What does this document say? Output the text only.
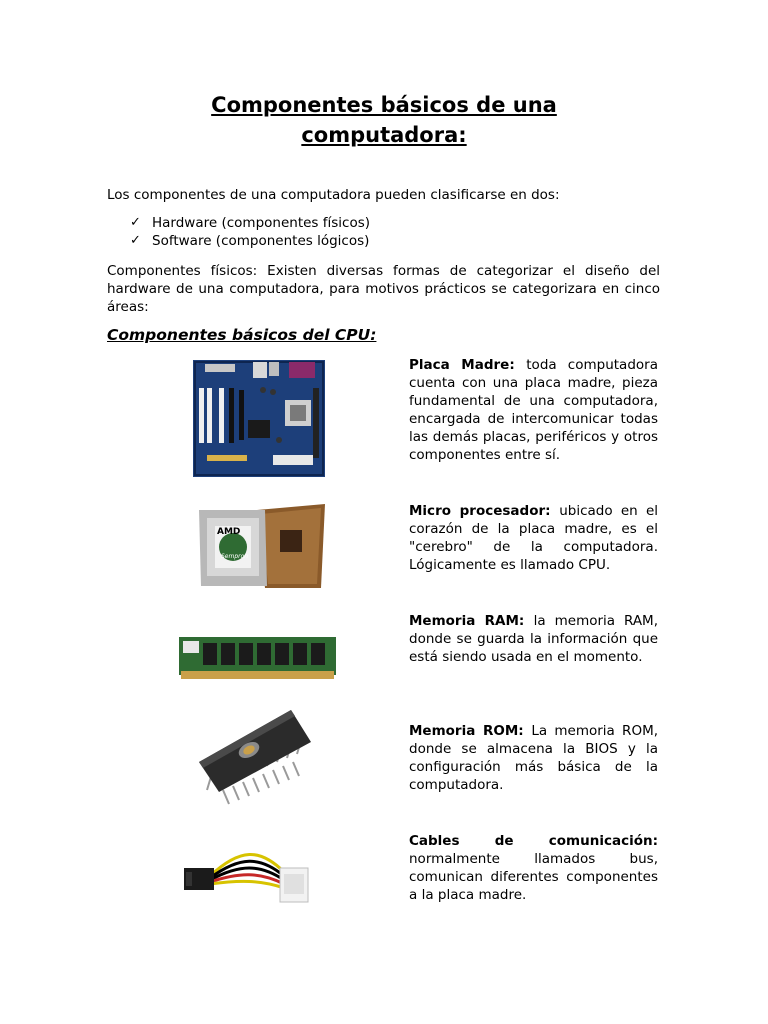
Componentes básicos de una
computadora:
Los componentes de una computadora pueden clasificarse en dos:
✓ Hardware (componentes físicos)
✓ Software (componentes lógicos)
Componentes físicos: Existen diversas formas de categorizar el diseño del hardware de una computadora, para motivos prácticos se categorizara en cinco áreas:
Componentes básicos del CPU:
Placa Madre: toda computadora cuenta con una placa madre, pieza fundamental de una computadora, encargada de intercomunicar todas las demás placas, periféricos y otros componentes entre sí.
AMD
Sempron
Micro procesador: ubicado en el corazón de la placa madre, es el "cerebro" de la computadora. Lógicamente es llamado CPU.
Memoria RAM: la memoria RAM, donde se guarda la información que está siendo usada en el momento.
Memoria ROM: La memoria ROM, donde se almacena la BIOS y la configuración más básica de la computadora.
Cables de comunicación: normalmente llamados bus, comunican diferentes componentes a la placa madre.
